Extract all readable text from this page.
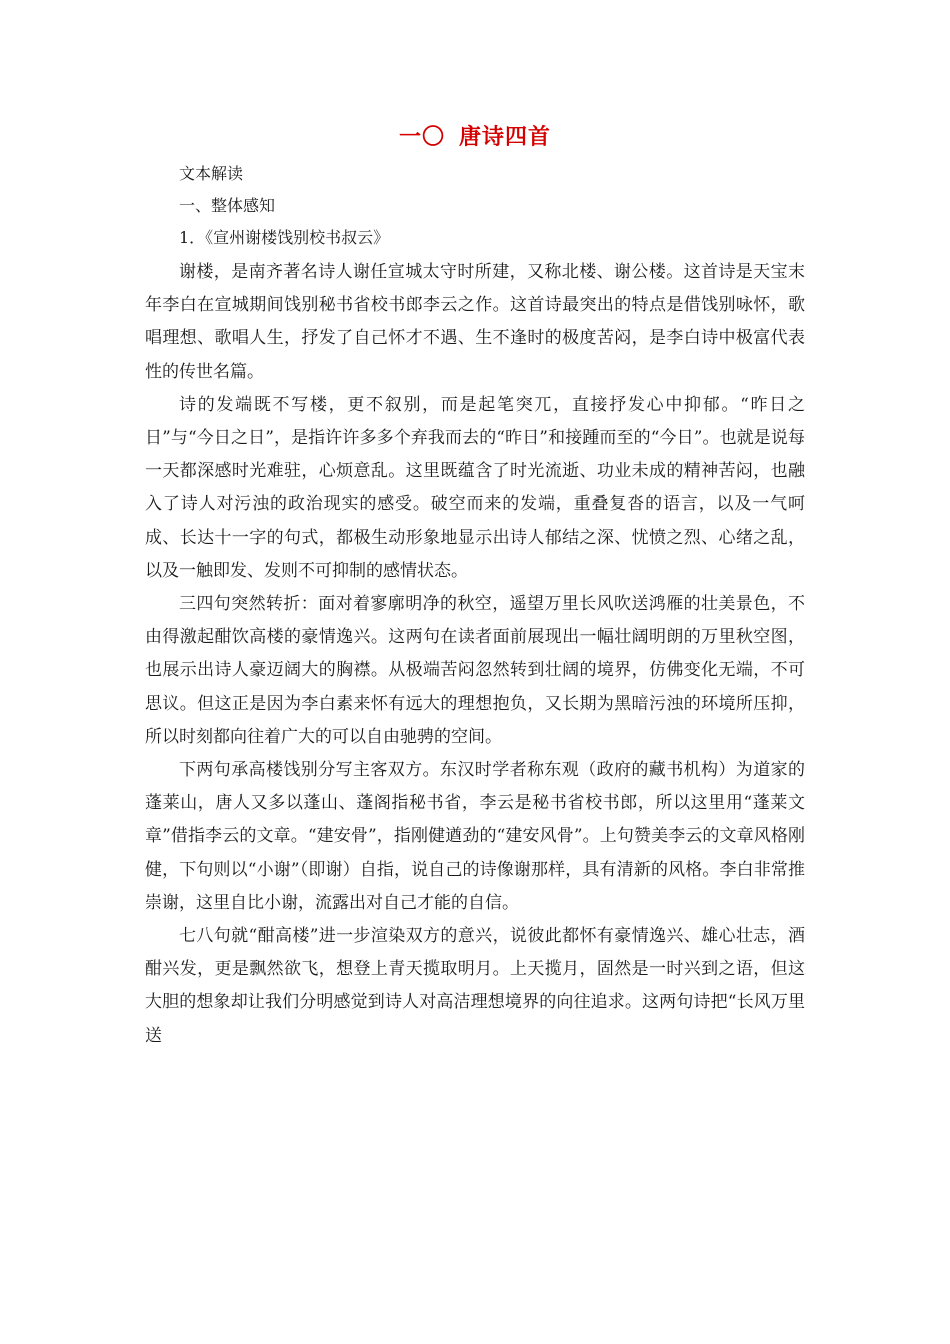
一〇 唐诗四首

文本解读

一、整体感知

1．《宣州谢楼饯别校书叔云》

谢楼，是南齐著名诗人谢任宣城太守时所建，又称北楼、谢公楼。这首诗是天宝末年李白在宣城期间饯别秘书省校书郎李云之作。这首诗最突出的特点是借饯别咏怀，歌唱理想、歌唱人生，抒发了自己怀才不遇、生不逢时的极度苦闷，是李白诗中极富代表性的传世名篇。

诗的发端既不写楼，更不叙别，而是起笔突兀，直接抒发心中抑郁。“昨日之日”与“今日之日”，是指许许多多个弃我而去的“昨日”和接踵而至的“今日”。也就是说每一天都深感时光难驻，心烦意乱。这里既蕴含了时光流逝、功业未成的精神苦闷，也融入了诗人对污浊的政治现实的感受。破空而来的发端，重叠复沓的语言，以及一气呵成、长达十一字的句式，都极生动形象地显示出诗人郁结之深、忧愤之烈、心绪之乱，以及一触即发、发则不可抑制的感情状态。

三四句突然转折：面对着寥廓明净的秋空，遥望万里长风吹送鸿雁的壮美景色，不由得激起酣饮高楼的豪情逸兴。这两句在读者面前展现出一幅壮阔明朗的万里秋空图，也展示出诗人豪迈阔大的胸襟。从极端苦闷忽然转到壮阔的境界，仿佛变化无端，不可思议。但这正是因为李白素来怀有远大的理想抱负，又长期为黑暗污浊的环境所压抑，所以时刻都向往着广大的可以自由驰骋的空间。

下两句承高楼饯别分写主客双方。东汉时学者称东观（政府的藏书机构）为道家的蓬莱山，唐人又多以蓬山、蓬阁指秘书省，李云是秘书省校书郎，所以这里用“蓬莱文章”借指李云的文章。“建安骨”，指刚健遒劲的“建安风骨”。上句赞美李云的文章风格刚健，下句则以“小谢”（即谢）自指，说自己的诗像谢那样，具有清新的风格。李白非常推崇谢，这里自比小谢，流露出对自己才能的自信。

七八句就“酣高楼”进一步渲染双方的意兴，说彼此都怀有豪情逸兴、雄心壮志，酒酣兴发，更是飘然欲飞，想登上青天揽取明月。上天揽月，固然是一时兴到之语，但这大胆的想象却让我们分明感觉到诗人对高洁理想境界的向往追求。这两句诗把“长风万里送
